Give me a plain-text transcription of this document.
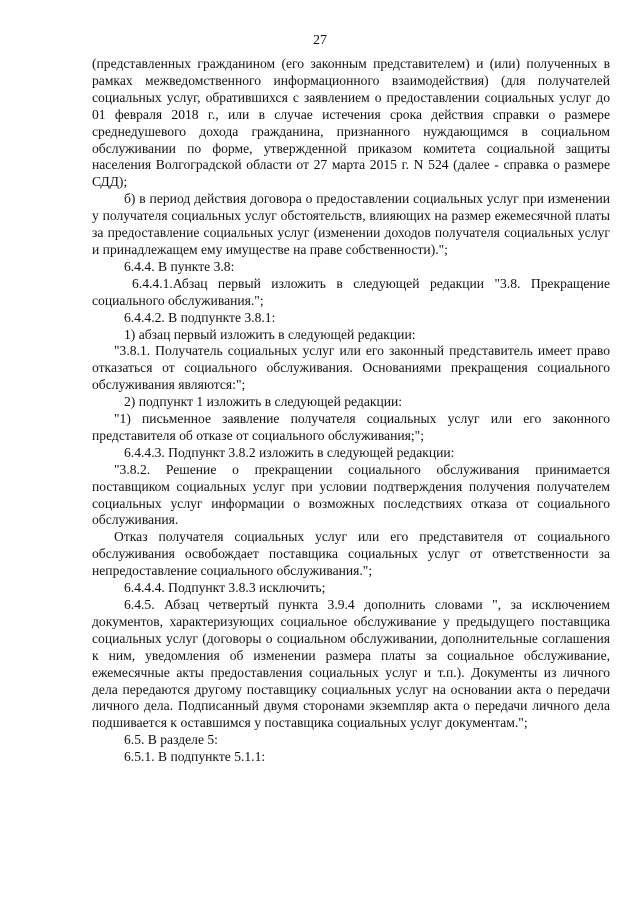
27

(представленных гражданином (его законным представителем) и (или) полученных в рамках межведомственного информационного взаимодействия) (для получателей социальных услуг, обратившихся с заявлением о предоставлении социальных услуг до 01 февраля 2018 г., или в случае истечения срока действия справки о размере среднедушевого дохода гражданина, признанного нуждающимся в социальном обслуживании по форме, утвержденной приказом комитета социальной защиты населения Волгоградской области от 27 марта 2015 г. N 524 (далее - справка о размере СДД);

б) в период действия договора о предоставлении социальных услуг при изменении у получателя социальных услуг обстоятельств, влияющих на размер ежемесячной платы за предоставление социальных услуг (изменении доходов получателя социальных услуг и принадлежащем ему имуществе на праве собственности).";

6.4.4. В пункте 3.8:

6.4.4.1.Абзац первый изложить в следующей редакции "3.8. Прекращение социального обслуживания.";

6.4.4.2. В подпункте 3.8.1:

1) абзац первый изложить в следующей редакции:

"3.8.1. Получатель социальных услуг или его законный представитель имеет право отказаться от социального обслуживания. Основаниями прекращения социального обслуживания являются:";

2) подпункт 1 изложить в следующей редакции:

"1) письменное заявление получателя социальных услуг или его законного представителя об отказе от социального обслуживания;";

6.4.4.3. Подпункт 3.8.2 изложить в следующей редакции:

"3.8.2. Решение о прекращении социального обслуживания принимается поставщиком социальных услуг при условии подтверждения получения получателем социальных услуг информации о возможных последствиях отказа от социального обслуживания.

Отказ получателя социальных услуг или его представителя от социального обслуживания освобождает поставщика социальных услуг от ответственности за непредоставление социального обслуживания.";

6.4.4.4. Подпункт 3.8.3 исключить;

6.4.5. Абзац четвертый пункта 3.9.4 дополнить словами ", за исключением документов, характеризующих социальное обслуживание у предыдущего поставщика социальных услуг (договоры о социальном обслуживании, дополнительные соглашения к ним, уведомления об изменении размера платы за социальное обслуживание, ежемесячные акты предоставления социальных услуг и т.п.). Документы из личного дела передаются другому поставщику социальных услуг на основании акта о передачи личного дела. Подписанный двумя сторонами экземпляр акта о передачи личного дела подшивается к оставшимся у поставщика социальных услуг документам.";

6.5. В разделе 5:

6.5.1. В подпункте 5.1.1:
